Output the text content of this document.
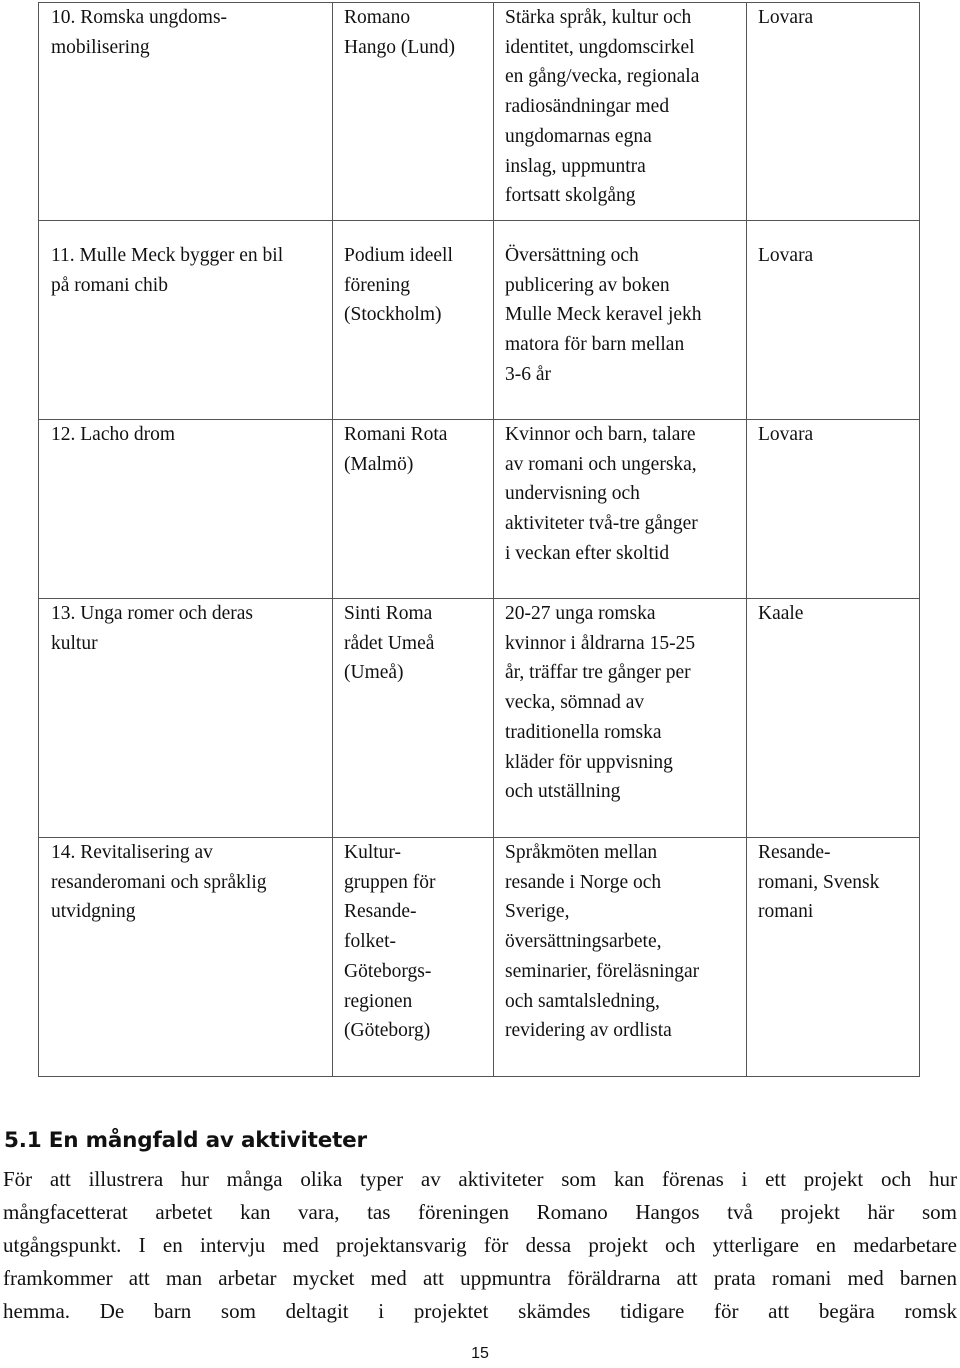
10. Romska ungdoms-
mobilisering
Romano
Hango (Lund)
Stärka språk, kultur och
identitet, ungdomscirkel
en gång/vecka, regionala
radiosändningar med
ungdomarnas egna
inslag, uppmuntra
fortsatt skolgång
Lovara
11. Mulle Meck bygger en bil
på romani chib
Podium ideell
förening
(Stockholm)
Översättning och
publicering av boken
Mulle Meck keravel jekh
matora för barn mellan
3-6 år
Lovara
12. Lacho drom	Romani Rota
(Malmö)
Kvinnor och barn, talare
av romani och ungerska,
undervisning och
aktiviteter två-tre gånger
i veckan efter skoltid
Lovara
13. Unga romer och deras
kultur
Sinti Roma
rådet Umeå
(Umeå)
20-27 unga romska
kvinnor i åldrarna 15-25
år, träffar tre gånger per
vecka, sömnad av
traditionella romska
kläder för uppvisning
och utställning
Kaale
14. Revitalisering av
resanderomani och språklig
utvidgning
Kultur-
gruppen för
Resande-
folket-
Göteborgs-
regionen
(Göteborg)
Språkmöten mellan
resande i Norge och
Sverige,
översättningsarbete,
seminarier, föreläsningar
och samtalsledning,
revidering av ordlista
Resande-
romani, Svensk
romani
5.1 En mångfald av aktiviteter
För att illustrera hur många olika typer av aktiviteter som kan förenas i ett projekt och hur
mångfacetterat arbetet kan vara, tas föreningen Romano Hangos två projekt här som
utgångspunkt. I en intervju med projektansvarig för dessa projekt och ytterligare en medarbetare
framkommer att man arbetar mycket med att uppmuntra föräldrarna att prata romani med barnen
hemma. De barn som deltagit i projektet skämdes tidigare för att begära romsk
15
